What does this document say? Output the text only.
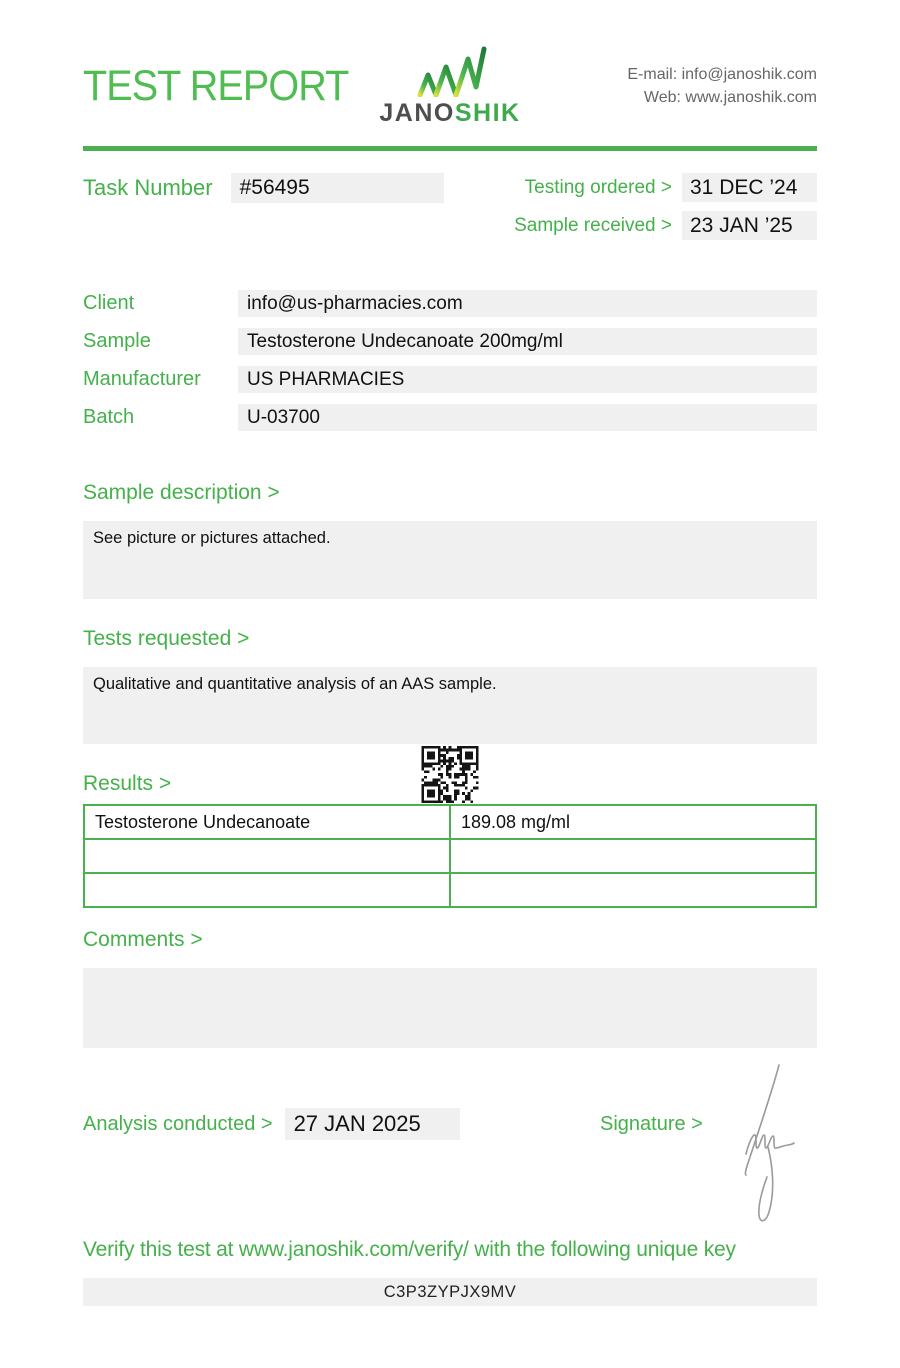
TEST REPORT
JANOSHIK
E-mail: info@janoshik.com
Web: www.janoshik.com
Task Number	#56495	Testing ordered > 31 DEC ’24
Sample received > 23 JAN ’25
Client	info@us-pharmacies.com
Sample	Testosterone Undecanoate 200mg/ml
Manufacturer	US PHARMACIES
Batch	U-03700
Sample description >
See picture or pictures attached.
Tests requested >
Qualitative and quantitative analysis of an AAS sample.
Results >
Testosterone Undecanoate	189.08 mg/ml

Comments >
Analysis conducted > 27 JAN 2025	Signature >
Verify this test at www.janoshik.com/verify/ with the following unique key
C3P3ZYPJX9MV
